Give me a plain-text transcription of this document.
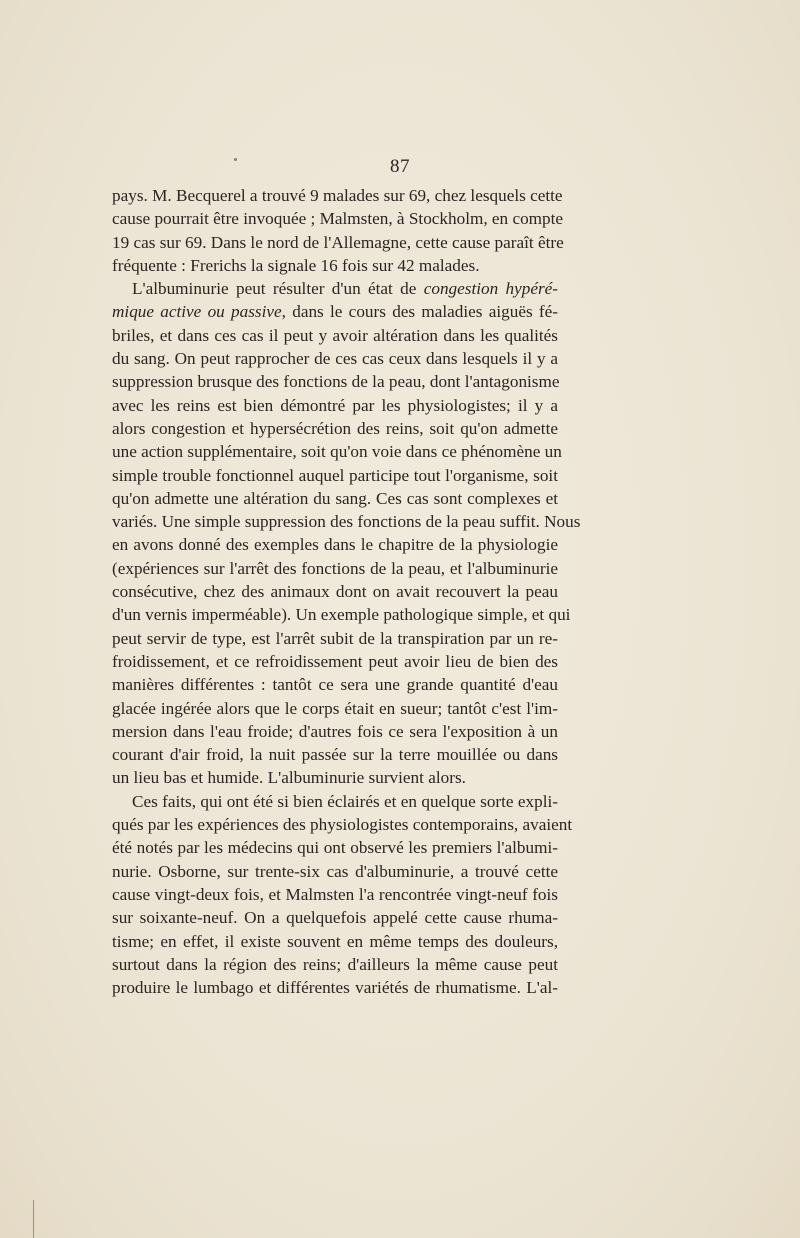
87
pays. M. Becquerel a trouvé 9 malades sur 69, chez lesquels cette
cause pourrait être invoquée ; Malmsten, à Stockholm, en compte
19 cas sur 69. Dans le nord de l'Allemagne, cette cause paraît être
fréquente : Frerichs la signale 16 fois sur 42 malades.
L'albuminurie peut résulter d'un état de congestion hypéré-
mique active ou passive, dans le cours des maladies aiguës fé-
briles, et dans ces cas il peut y avoir altération dans les qualités
du sang. On peut rapprocher de ces cas ceux dans lesquels il y a
suppression brusque des fonctions de la peau, dont l'antagonisme
avec les reins est bien démontré par les physiologistes; il y a
alors congestion et hypersécrétion des reins, soit qu'on admette
une action supplémentaire, soit qu'on voie dans ce phénomène un
simple trouble fonctionnel auquel participe tout l'organisme, soit
qu'on admette une altération du sang. Ces cas sont complexes et
variés. Une simple suppression des fonctions de la peau suffit. Nous
en avons donné des exemples dans le chapitre de la physiologie
(expériences sur l'arrêt des fonctions de la peau, et l'albuminurie
consécutive, chez des animaux dont on avait recouvert la peau
d'un vernis imperméable). Un exemple pathologique simple, et qui
peut servir de type, est l'arrêt subit de la transpiration par un re-
froidissement, et ce refroidissement peut avoir lieu de bien des
manières différentes : tantôt ce sera une grande quantité d'eau
glacée ingérée alors que le corps était en sueur; tantôt c'est l'im-
mersion dans l'eau froide; d'autres fois ce sera l'exposition à un
courant d'air froid, la nuit passée sur la terre mouillée ou dans
un lieu bas et humide. L'albuminurie survient alors.
Ces faits, qui ont été si bien éclairés et en quelque sorte expli-
qués par les expériences des physiologistes contemporains, avaient
été notés par les médecins qui ont observé les premiers l'albumi-
nurie. Osborne, sur trente-six cas d'albuminurie, a trouvé cette
cause vingt-deux fois, et Malmsten l'a rencontrée vingt-neuf fois
sur soixante-neuf. On a quelquefois appelé cette cause rhuma-
tisme; en effet, il existe souvent en même temps des douleurs,
surtout dans la région des reins; d'ailleurs la même cause peut
produire le lumbago et différentes variétés de rhumatisme. L'al-
